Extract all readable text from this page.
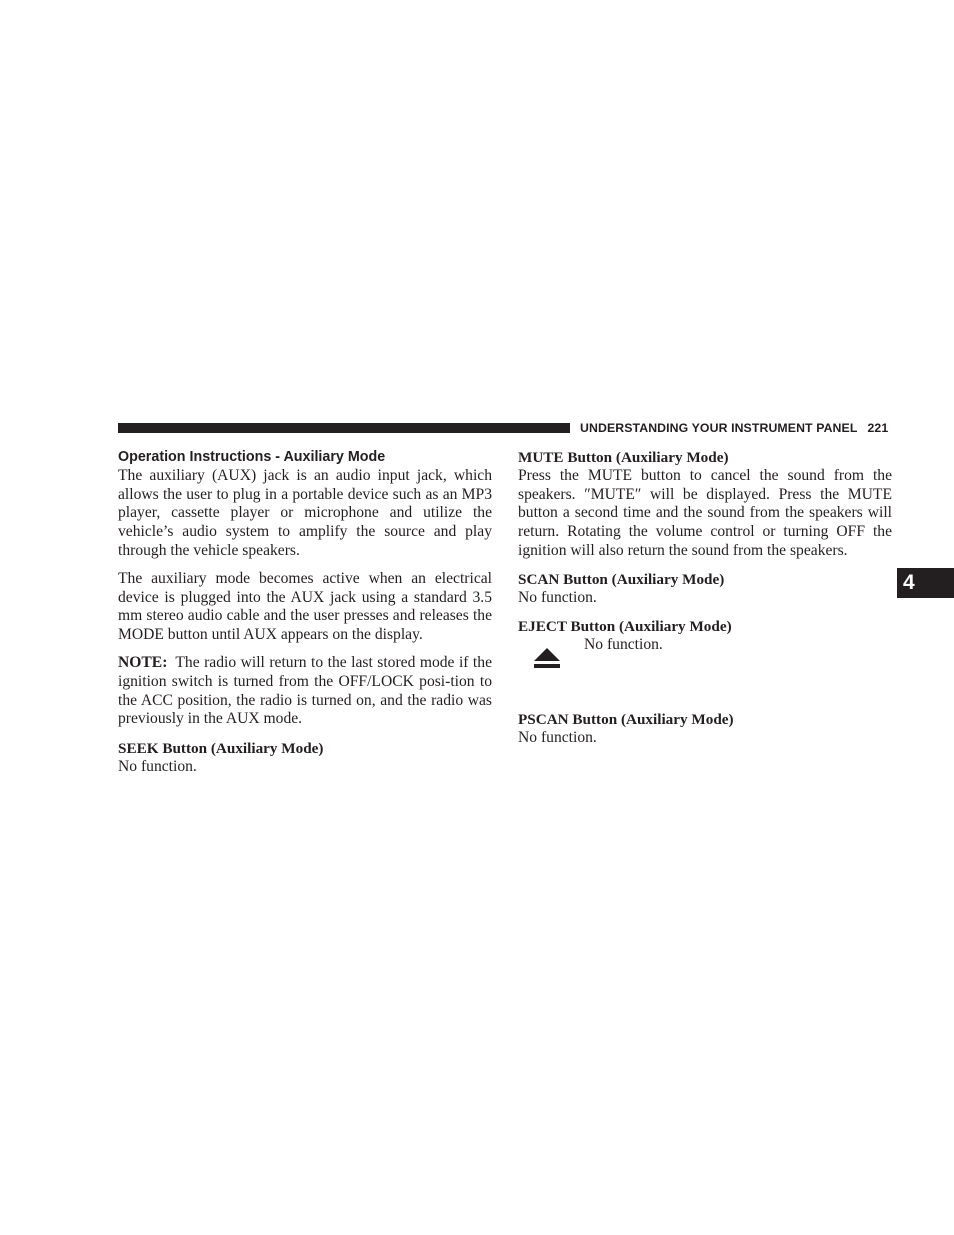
UNDERSTANDING YOUR INSTRUMENT PANEL 221
4
Operation Instructions - Auxiliary Mode

The auxiliary (AUX) jack is an audio input jack, which allows the user to plug in a portable device such as an MP3 player, cassette player or microphone and utilize the vehicle’s audio system to amplify the source and play through the vehicle speakers.

The auxiliary mode becomes active when an electrical device is plugged into the AUX jack using a standard 3.5 mm stereo audio cable and the user presses and releases the MODE button until AUX appears on the display.

NOTE: The radio will return to the last stored mode if the ignition switch is turned from the OFF/LOCK posi-tion to the ACC position, the radio is turned on, and the radio was previously in the AUX mode.

SEEK Button (Auxiliary Mode)

No function.

MUTE Button (Auxiliary Mode)

Press the MUTE button to cancel the sound from the speakers. ″MUTE″ will be displayed. Press the MUTE button a second time and the sound from the speakers will return. Rotating the volume control or turning OFF the ignition will also return the sound from the speakers.

SCAN Button (Auxiliary Mode)

No function.

EJECT Button (Auxiliary Mode)
No function.
PSCAN Button (Auxiliary Mode)

No function.
